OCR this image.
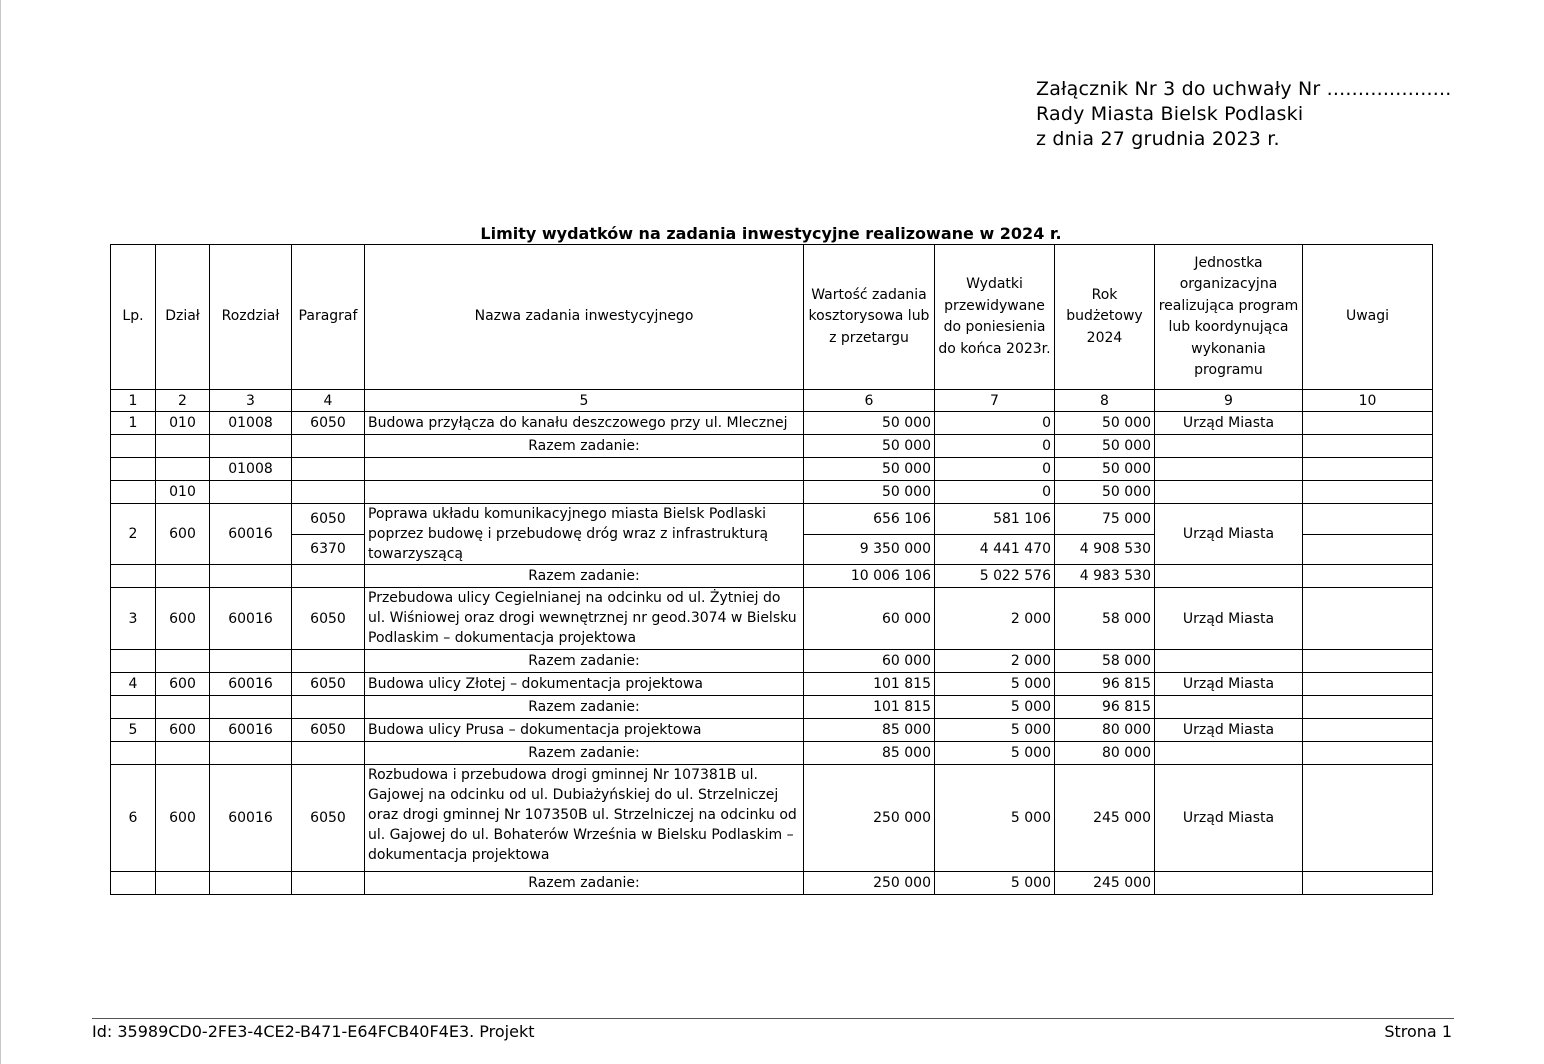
Załącznik Nr 3 do uchwały Nr ....................
Rady Miasta Bielsk Podlaski
z dnia 27 grudnia 2023 r.
Limity wydatków na zadania inwestycyjne realizowane w 2024 r.
Lp.	Dział	Rozdział	Paragraf	Nazwa zadania inwestycyjnego	Wartość zadania kosztorysowa lub z przetargu	Wydatki przewidywane do poniesienia do końca 2023r.	Rok budżetowy 2024	Jednostka organizacyjna realizująca program lub koordynująca wykonania programu	Uwagi
1	2	3	4	5	6	7	8	9	10
1	010	01008	6050	Budowa przyłącza do kanału deszczowego przy ul. Mlecznej	50 000	0	50 000	Urząd Miasta	
				Razem zadanie:	50 000	0	50 000		
		01008			50 000	0	50 000		
	010				50 000	0	50 000		
2	600	60016	6050	Poprawa układu komunikacyjnego miasta Bielsk Podlaski poprzez budowę i przebudowę dróg wraz z infrastrukturą towarzyszącą	656 106	581 106	75 000	Urząd Miasta	
			6370		9 350 000	4 441 470	4 908 530		
				Razem zadanie:	10 006 106	5 022 576	4 983 530		
3	600	60016	6050	Przebudowa ulicy Cegielnianej na odcinku od ul. Żytniej do ul. Wiśniowej oraz drogi wewnętrznej nr geod.3074 w Bielsku Podlaskim – dokumentacja projektowa	60 000	2 000	58 000	Urząd Miasta	
				Razem zadanie:	60 000	2 000	58 000		
4	600	60016	6050	Budowa ulicy Złotej – dokumentacja projektowa	101 815	5 000	96 815	Urząd Miasta	
				Razem zadanie:	101 815	5 000	96 815		
5	600	60016	6050	Budowa ulicy Prusa – dokumentacja projektowa	85 000	5 000	80 000	Urząd Miasta	
				Razem zadanie:	85 000	5 000	80 000		
6	600	60016	6050	Rozbudowa i przebudowa drogi gminnej Nr 107381B ul. Gajowej na odcinku od ul. Dubiażyńskiej do ul. Strzelniczej oraz drogi gminnej Nr 107350B ul. Strzelniczej na odcinku od ul. Gajowej do ul. Bohaterów Września w Bielsku Podlaskim – dokumentacja projektowa	250 000	5 000	245 000	Urząd Miasta	
				Razem zadanie:	250 000	5 000	245 000		
Id: 35989CD0-2FE3-4CE2-B471-E64FCB40F4E3. Projekt	Strona 1
